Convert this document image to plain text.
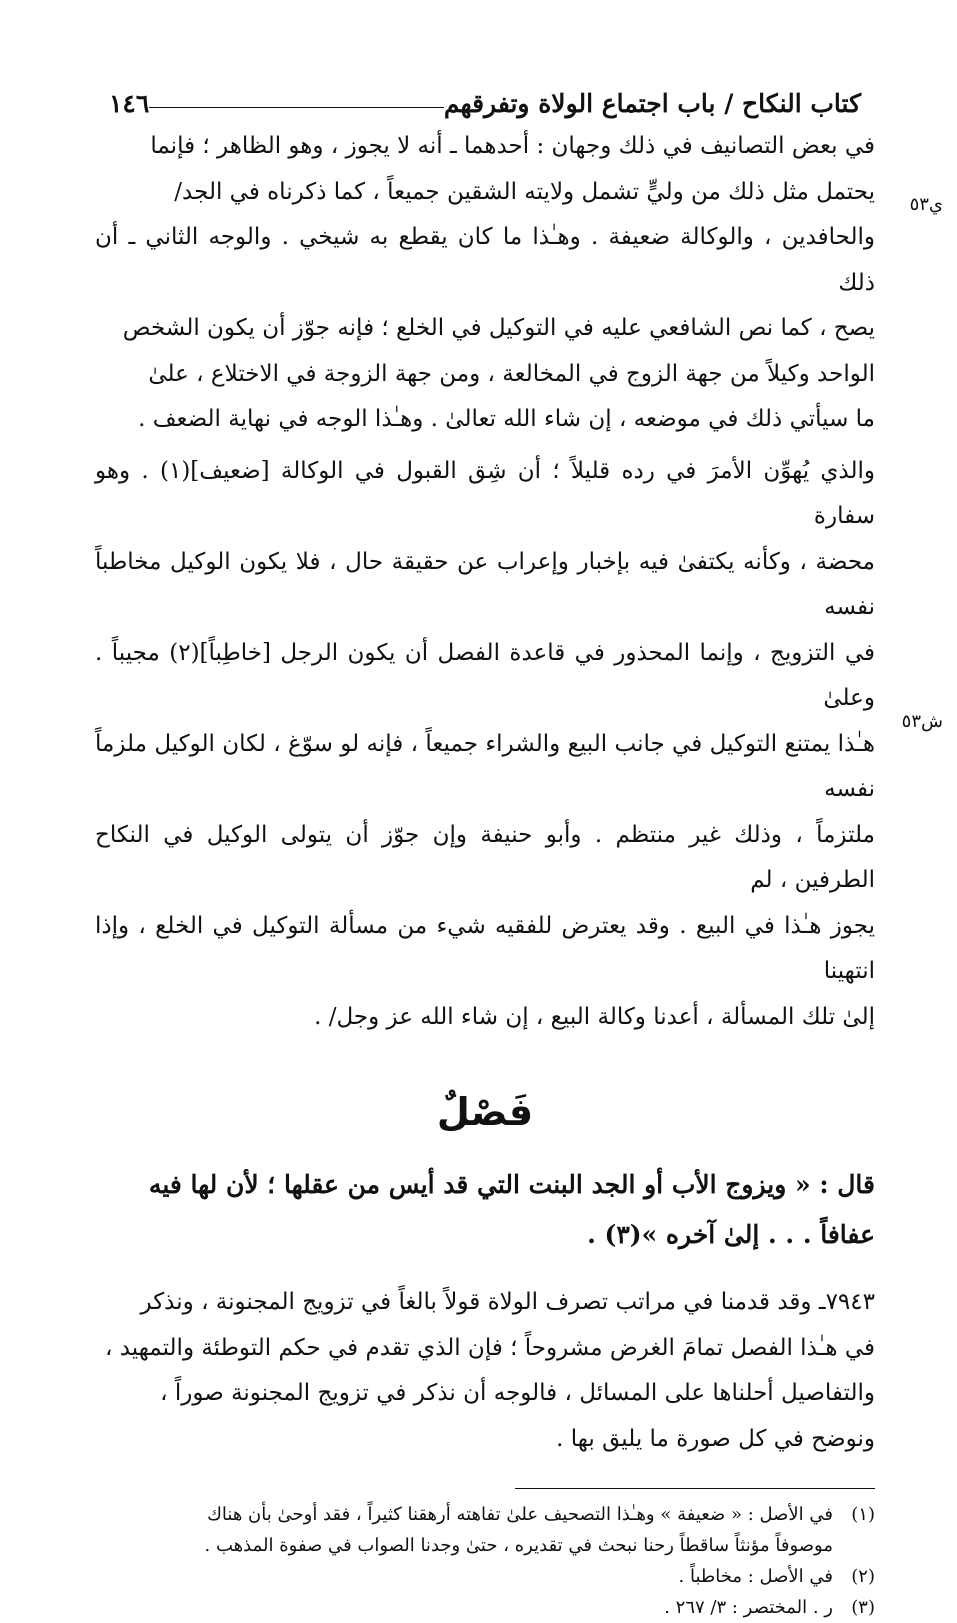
كتاب النكاح / باب اجتماع الولاة وتفرقهم
١٤٦
ي٥٣
ش٥٣

في بعض التصانيف في ذلك وجهان : أحدهما ـ أنه لا يجوز ، وهو الظاهر ؛ فإنما

يحتمل مثل ذلك من وليٍّ تشمل ولايته الشقين جميعاً ، كما ذكرناه في الجد/

والحافدين ، والوكالة ضعيفة . وهـٰذا ما كان يقطع به شيخي . والوجه الثاني ـ أن ذلك

يصح ، كما نص الشافعي عليه في التوكيل في الخلع ؛ فإنه جوّز أن يكون الشخص

الواحد وكيلاً من جهة الزوج في المخالعة ، ومن جهة الزوجة في الاختلاع ، علىٰ

ما سيأتي ذلك في موضعه ، إن شاء الله تعالىٰ . وهـٰذا الوجه في نهاية الضعف .

والذي يُهوِّن الأمرَ في رده قليلاً ؛ أن شِق القبول في الوكالة [ضعيف](١) . وهو سفارة

محضة ، وكأنه يكتفىٰ فيه بإخبار وإعراب عن حقيقة حال ، فلا يكون الوكيل مخاطباً نفسه

في التزويج ، وإنما المحذور في قاعدة الفصل أن يكون الرجل [خاطِباً](٢) مجيباً . وعلىٰ

هـٰذا يمتنع التوكيل في جانب البيع والشراء جميعاً ، فإنه لو سوّغ ، لكان الوكيل ملزماً نفسه

ملتزماً ، وذلك غير منتظم . وأبو حنيفة وإن جوّز أن يتولى الوكيل في النكاح الطرفين ، لم

يجوز هـٰذا في البيع . وقد يعترض للفقيه شيء من مسألة التوكيل في الخلع ، وإذا انتهينا

إلىٰ تلك المسألة ، أعدنا وكالة البيع ، إن شاء الله عز وجل/ .

فَصْلٌ

قال : « ويزوج الأب أو الجد البنت التي قد أيس من عقلها ؛ لأن لها فيه

عفافاً . . . إلىٰ آخره »(٣) .

٧٩٤٣ـ وقد قدمنا في مراتب تصرف الولاة قولاً بالغاً في تزويج المجنونة ، ونذكر

في هـٰذا الفصل تمامَ الغرض مشروحاً ؛ فإن الذي تقدم في حكم التوطئة والتمهيد ،

والتفاصيل أحلناها على المسائل ، فالوجه أن نذكر في تزويج المجنونة صوراً ،

ونوضح في كل صورة ما يليق بها .

(١)
في الأصل : « ضعيفة » وهـٰذا التصحيف علىٰ تفاهته أرهقنا كثيراً ، فقد أوحىٰ بأن هناك
موصوفاً مؤنثاً ساقطاً رحنا نبحث في تقديره ، حتىٰ وجدنا الصواب في صفوة المذهب .
(٢)
في الأصل : مخاطباً .
(٣)
ر . المختصر : ٣/ ٢٦٧ .
